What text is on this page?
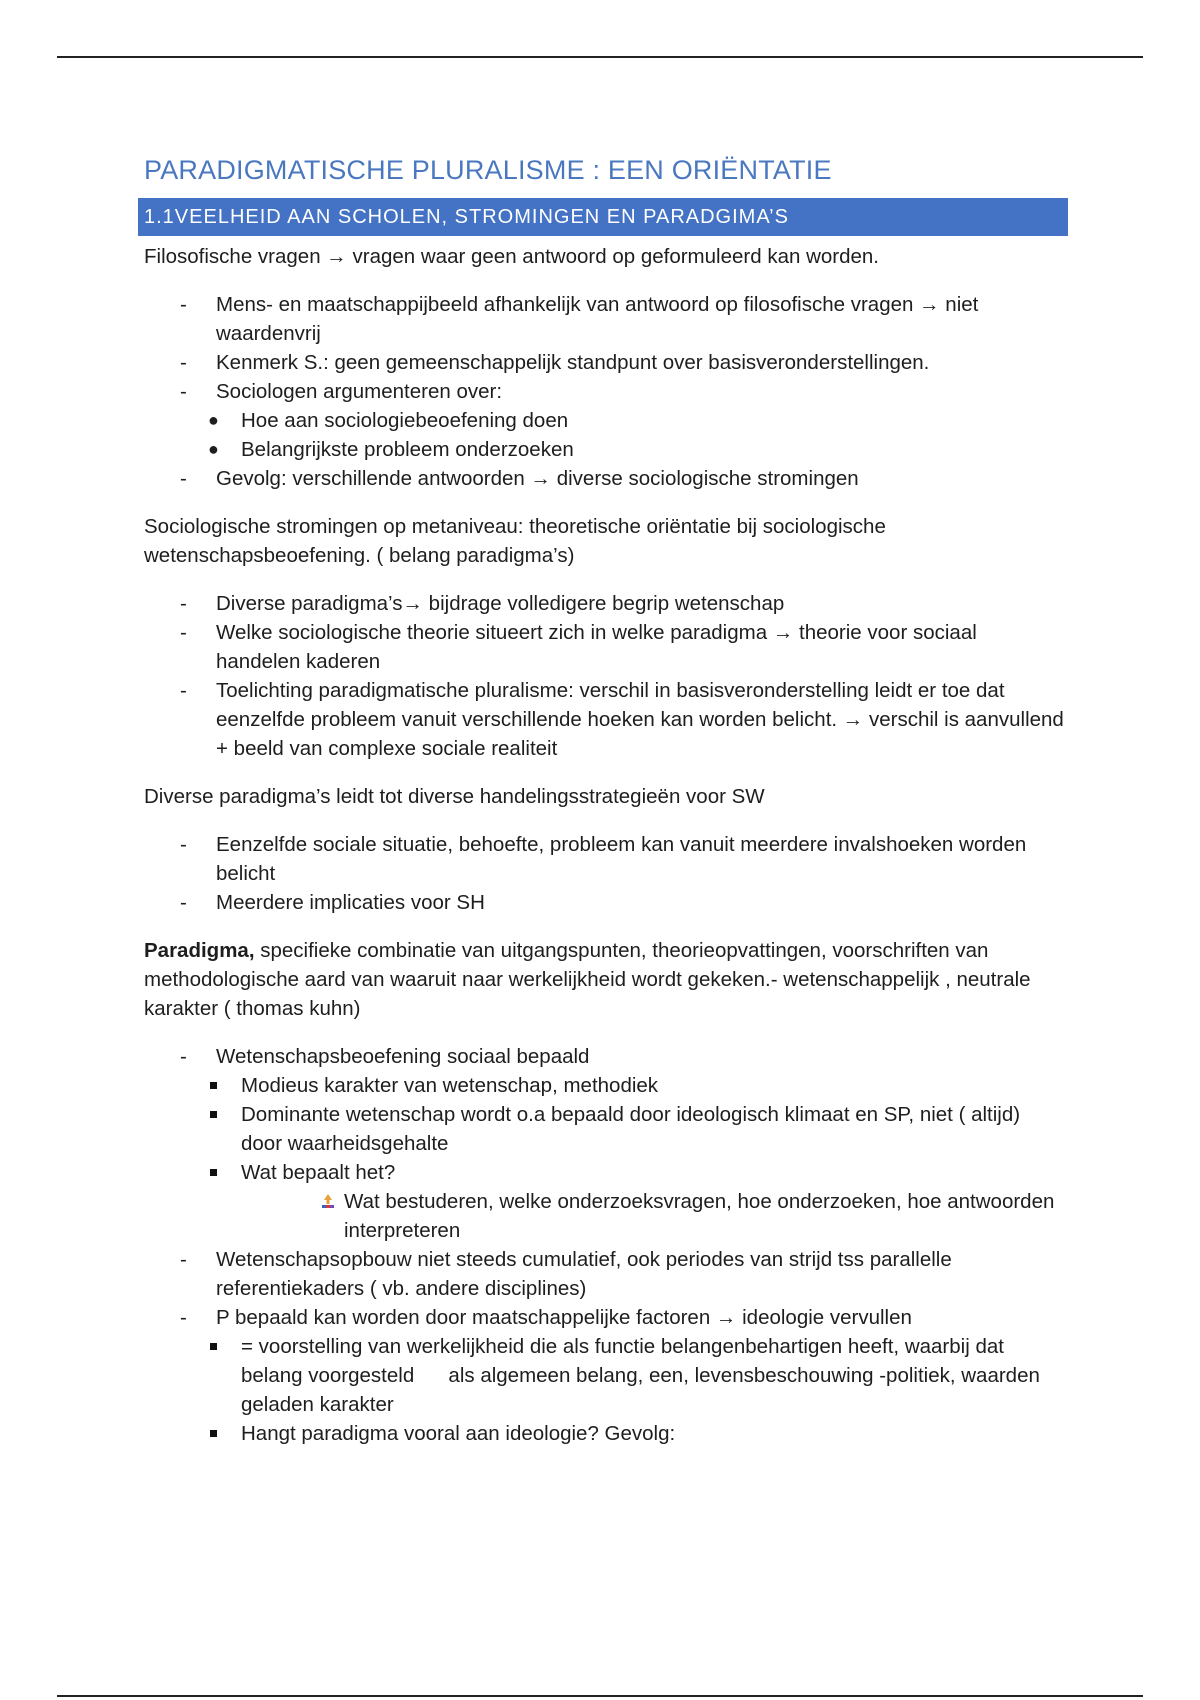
PARADIGMATISCHE PLURALISME : EEN ORIËNTATIE
1.1VEELHEID AAN SCHOLEN, STROMINGEN EN PARADGIMA’S

Filosofische vragen → vragen waar geen antwoord op geformuleerd kan worden.

- Mens- en maatschappijbeeld afhankelijk van antwoord op filosofische vragen → niet waardenvrij
- Kenmerk S.: geen gemeenschappelijk standpunt over basisveronderstellingen.
- Sociologen argumenteren over:
● Hoe aan sociologiebeoefening doen
● Belangrijkste probleem onderzoeken
- Gevolg: verschillende antwoorden → diverse sociologische stromingen

Sociologische stromingen op metaniveau: theoretische oriëntatie bij sociologische wetenschapsbeoefening. ( belang paradigma’s)

- Diverse paradigma’s→ bijdrage volledigere begrip wetenschap
- Welke sociologische theorie situeert zich in welke paradigma → theorie voor sociaal handelen kaderen
- Toelichting paradigmatische pluralisme: verschil in basisveronderstelling leidt er toe dat eenzelfde probleem vanuit verschillende hoeken kan worden belicht. → verschil is aanvullend + beeld van complexe sociale realiteit

Diverse paradigma’s leidt tot diverse handelingsstrategieën voor SW

- Eenzelfde sociale situatie, behoefte, probleem kan vanuit meerdere invalshoeken worden belicht
- Meerdere implicaties voor SH

Paradigma, specifieke combinatie van uitgangspunten, theorieopvattingen, voorschriften van methodologische aard van waaruit naar werkelijkheid wordt gekeken.- wetenschappelijk , neutrale karakter ( thomas kuhn)

- Wetenschapsbeoefening sociaal bepaald
Modieus karakter van wetenschap, methodiek
Dominante wetenschap wordt o.a bepaald door ideologisch klimaat en SP, niet ( altijd) door waarheidsgehalte
Wat bepaalt het?
Wat bestuderen, welke onderzoeksvragen, hoe onderzoeken, hoe antwoorden interpreteren
- Wetenschapsopbouw niet steeds cumulatief, ook periodes van strijd tss parallelle referentiekaders ( vb. andere disciplines)
- P bepaald kan worden door maatschappelijke factoren → ideologie vervullen
= voorstelling van werkelijkheid die als functie belangenbehartigen heeft, waarbij dat belang voorgesteld      als algemeen belang, een, levensbeschouwing -politiek, waarden geladen karakter
Hangt paradigma vooral aan ideologie? Gevolg:
